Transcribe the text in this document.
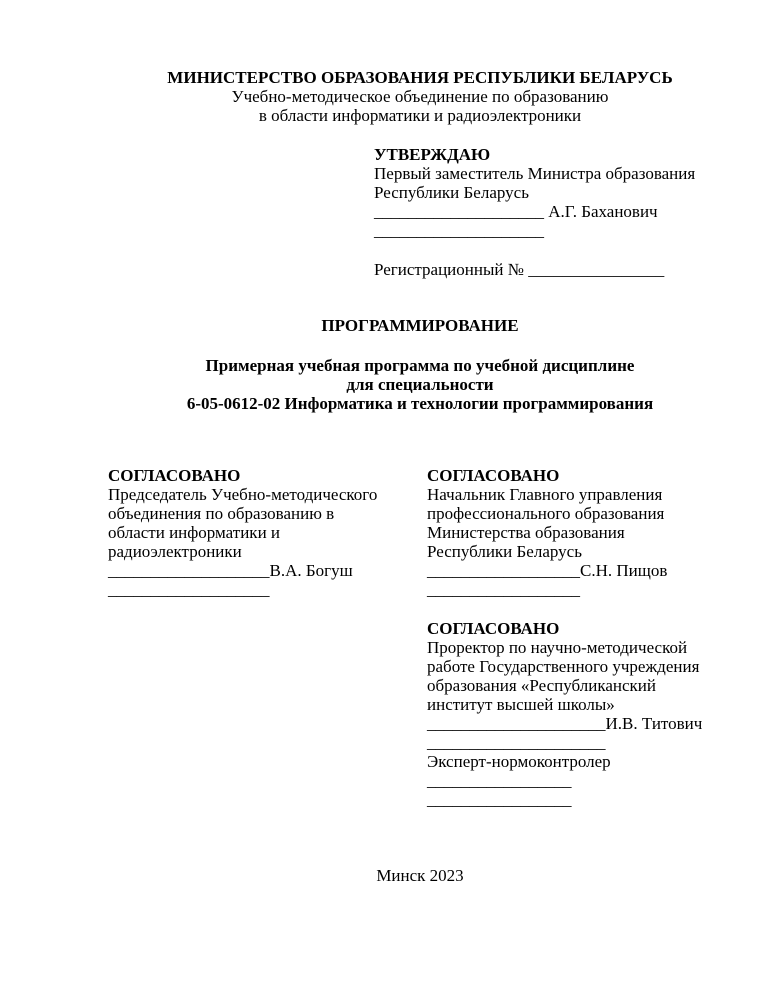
МИНИСТЕРСТВО ОБРАЗОВАНИЯ РЕСПУБЛИКИ БЕЛАРУСЬ
Учебно-методическое объединение по образованию
в области информатики и радиоэлектроники
УТВЕРЖДАЮ
Первый заместитель Министра образования
Республики Беларусь
____________________ А.Г. Баханович
____________________
Регистрационный № ________________
ПРОГРАММИРОВАНИЕ
Примерная учебная программа по учебной дисциплине
для специальности
6-05-0612-02 Информатика и технологии программирования
СОГЛАСОВАНО
Председатель Учебно-методического
объединения по образованию в
области информатики и
радиоэлектроники
___________________В.А. Богуш
___________________
СОГЛАСОВАНО
Начальник Главного управления
профессионального образования
Министерства образования
Республики Беларусь
__________________С.Н. Пищов
__________________
СОГЛАСОВАНО
Проректор по научно-методической
работе Государственного учреждения
образования «Республиканский
институт высшей школы»
_____________________И.В. Титович
_____________________
Эксперт-нормоконтролер
_________________
_________________
Минск 2023
